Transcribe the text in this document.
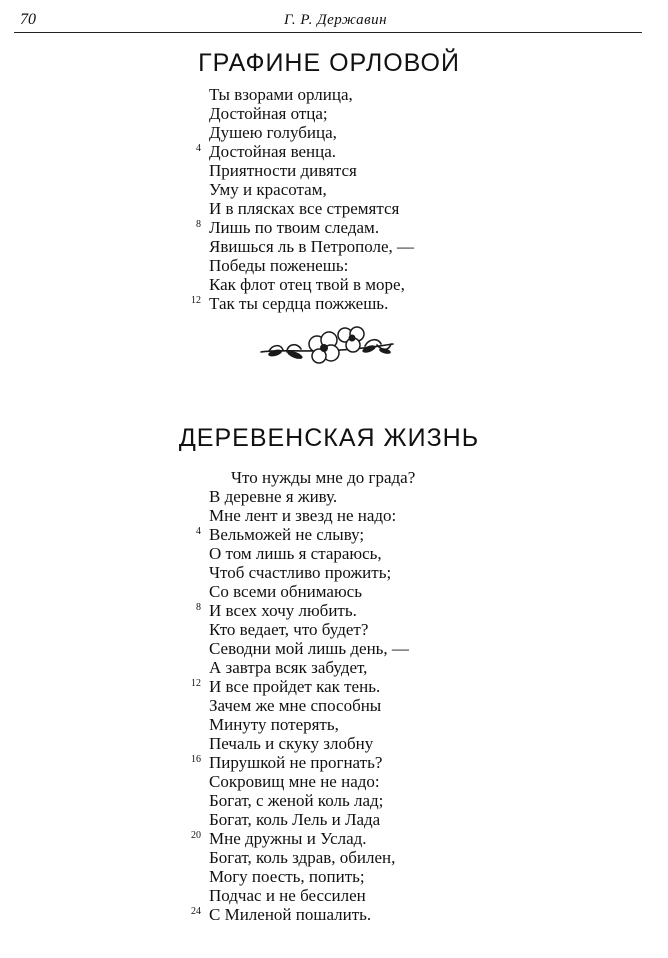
70	Г. Р. Державин
ГРАФИНЕ ОРЛОВОЙ
Ты взорами орлица,
Достойная отца;
Душею голубица,
4 Достойная венца.
Приятности дивятся
Уму и красотам,
И в плясках все стремятся
8 Лишь по твоим следам.
Явишься ль в Петрополе, —
Победы поженешь:
Как флот отец твой в море,
12 Так ты сердца пожжешь.
ДЕРЕВЕНСКАЯ ЖИЗНЬ
Что нужды мне до града?
В деревне я живу.
Мне лент и звезд не надо:
4 Вельможей не слыву;
О том лишь я стараюсь,
Чтоб счастливо прожить;
Со всеми обнимаюсь
8 И всех хочу любить.
Кто ведает, что будет?
Севодни мой лишь день, —
А завтра всяк забудет,
12 И все пройдет как тень.
Зачем же мне способны
Минуту потерять,
Печаль и скуку злобну
16 Пирушкой не прогнать?
Сокровищ мне не надо:
Богат, с женой коль лад;
Богат, коль Лель и Лада
20 Мне дружны и Услад.
Богат, коль здрав, обилен,
Могу поесть, попить;
Подчас и не бессилен
24 С Миленой пошалить.
